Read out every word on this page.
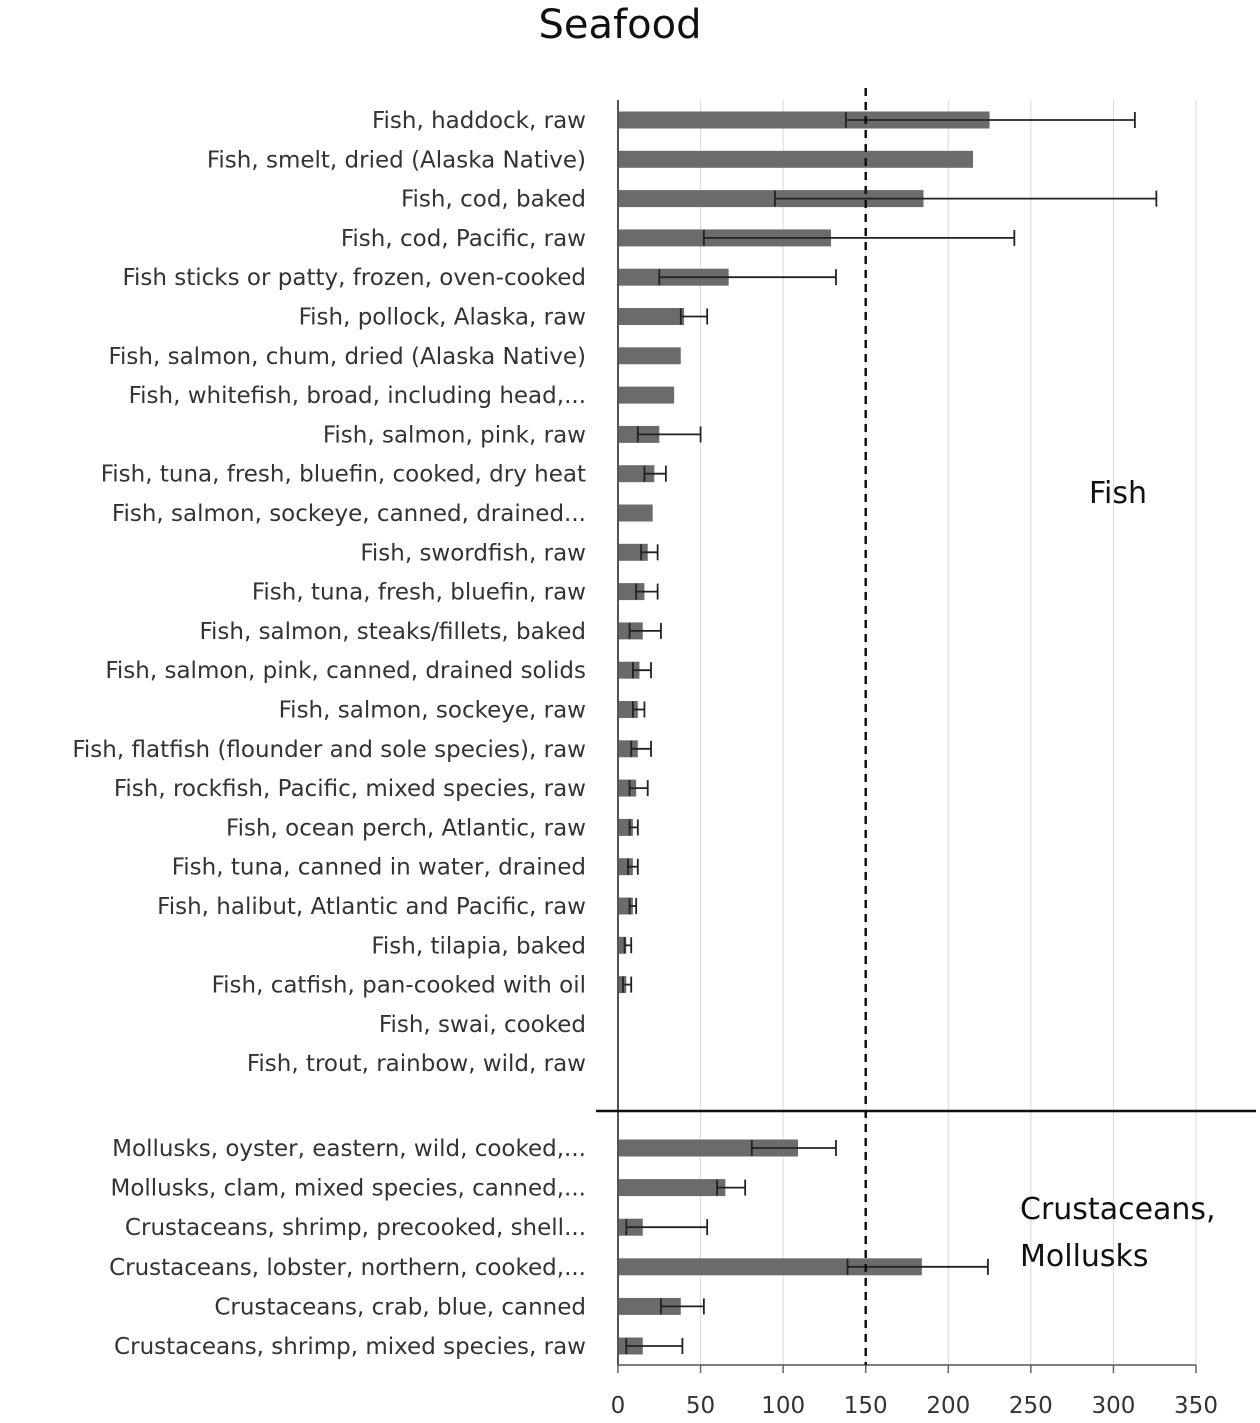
Seafood
Fish, haddock, raw
Fish, smelt, dried (Alaska Native)
Fish, cod, baked
Fish, cod, Pacific, raw
Fish sticks or patty, frozen, oven-cooked
Fish, pollock, Alaska, raw
Fish, salmon, chum, dried (Alaska Native)
Fish, whitefish, broad, including head,...
Fish, salmon, pink, raw
Fish, tuna, fresh, bluefin, cooked, dry heat
Fish, salmon, sockeye, canned, drained...
Fish, swordfish, raw
Fish, tuna, fresh, bluefin, raw
Fish, salmon, steaks/fillets, baked
Fish, salmon, pink, canned, drained solids
Fish, salmon, sockeye, raw
Fish, flatfish (flounder and sole species), raw
Fish, rockfish, Pacific, mixed species, raw
Fish, ocean perch, Atlantic, raw
Fish, tuna, canned in water, drained
Fish, halibut, Atlantic and Pacific, raw
Fish, tilapia, baked
Fish, catfish, pan-cooked with oil
Fish, swai, cooked
Fish, trout, rainbow, wild, raw
Mollusks, oyster, eastern, wild, cooked,...
Mollusks, clam, mixed species, canned,...
Crustaceans, shrimp, precooked, shell...
Crustaceans, lobster, northern, cooked,...
Crustaceans, crab, blue, canned
Crustaceans, shrimp, mixed species, raw
0	50 100 150 200 250 300 350
Fish
Crustaceans,
Mollusks
